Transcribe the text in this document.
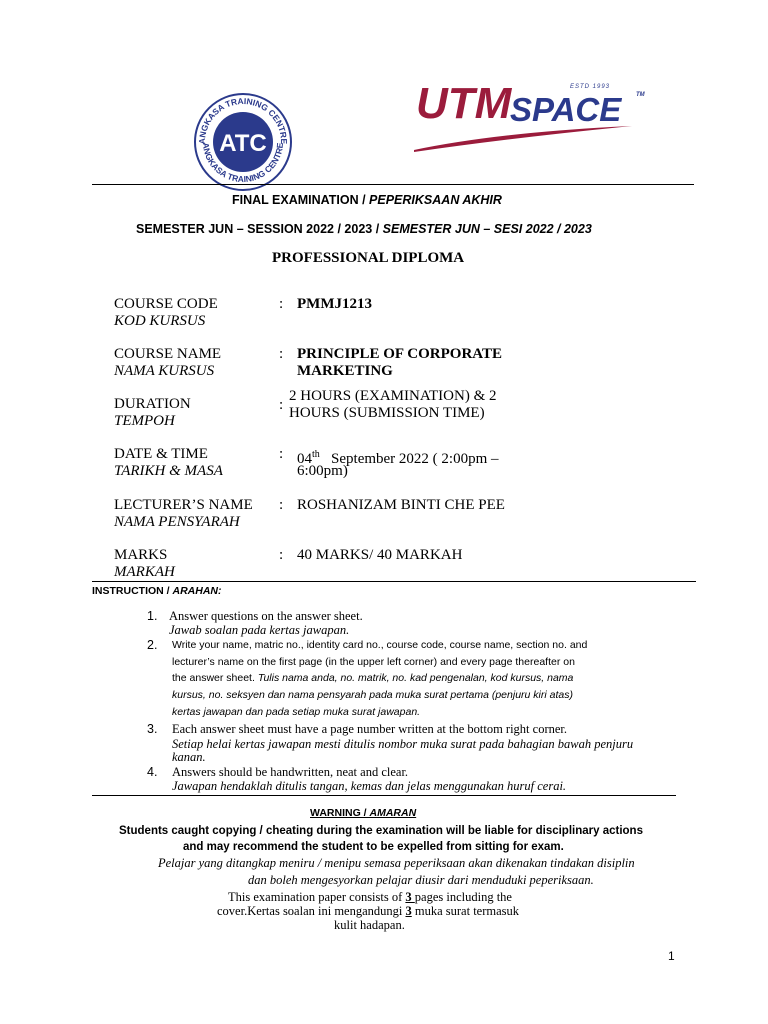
ATC
ANGKASA TRAINING CENTRE
ANGKASA TRAINING CENTRE
UTM
SPACE TM
ESTD 1993
FINAL EXAMINATION / PEPERIKSAAN AKHIR
SEMESTER JUN – SESSION 2022 / 2023 / SEMESTER JUN – SESI 2022 / 2023
PROFESSIONAL DIPLOMA
COURSE CODE
KOD KURSUS
: PMMJ1213
COURSE NAME
NAMA KURSUS
: PRINCIPLE OF CORPORATE
MARKETING
DURATION
TEMPOH
:
2 HOURS (EXAMINATION) & 2
HOURS (SUBMISSION TIME)
DATE & TIME
TARIKH & MASA
: 04th September 2022 ( 2:00pm –
6:00pm)
LECTURER’S NAME
NAMA PENSYARAH
: ROSHANIZAM BINTI CHE PEE
MARKS
MARKAH
: 40 MARKS/ 40 MARKAH
INSTRUCTION / ARAHAN:
1. Answer questions on the answer sheet.
Jawab soalan pada kertas jawapan.
2. Write your name, matric no., identity card no., course code, course name, section no. and
lecturer’s name on the first page (in the upper left corner) and every page thereafter on
the answer sheet. Tulis nama anda, no. matrik, no. kad pengenalan, kod kursus, nama
kursus, no. seksyen dan nama pensyarah pada muka surat pertama (penjuru kiri atas)
kertas jawapan dan pada setiap muka surat jawapan.
3. Each answer sheet must have a page number written at the bottom right corner.
Setiap helai kertas jawapan mesti ditulis nombor muka surat pada bahagian bawah penjuru
kanan.
4. Answers should be handwritten, neat and clear.
Jawapan hendaklah ditulis tangan, kemas dan jelas menggunakan huruf cerai.
WARNING / AMARAN
Students caught copying / cheating during the examination will be liable for disciplinary actions
and may recommend the student to be expelled from sitting for exam.
Pelajar yang ditangkap meniru / menipu semasa peperiksaan akan dikenakan tindakan disiplin
dan boleh mengesyorkan pelajar diusir dari menduduki peperiksaan.
This examination paper consists of 3 pages including the
cover.Kertas soalan ini mengandungi 3 muka surat termasuk
kulit hadapan.
1
